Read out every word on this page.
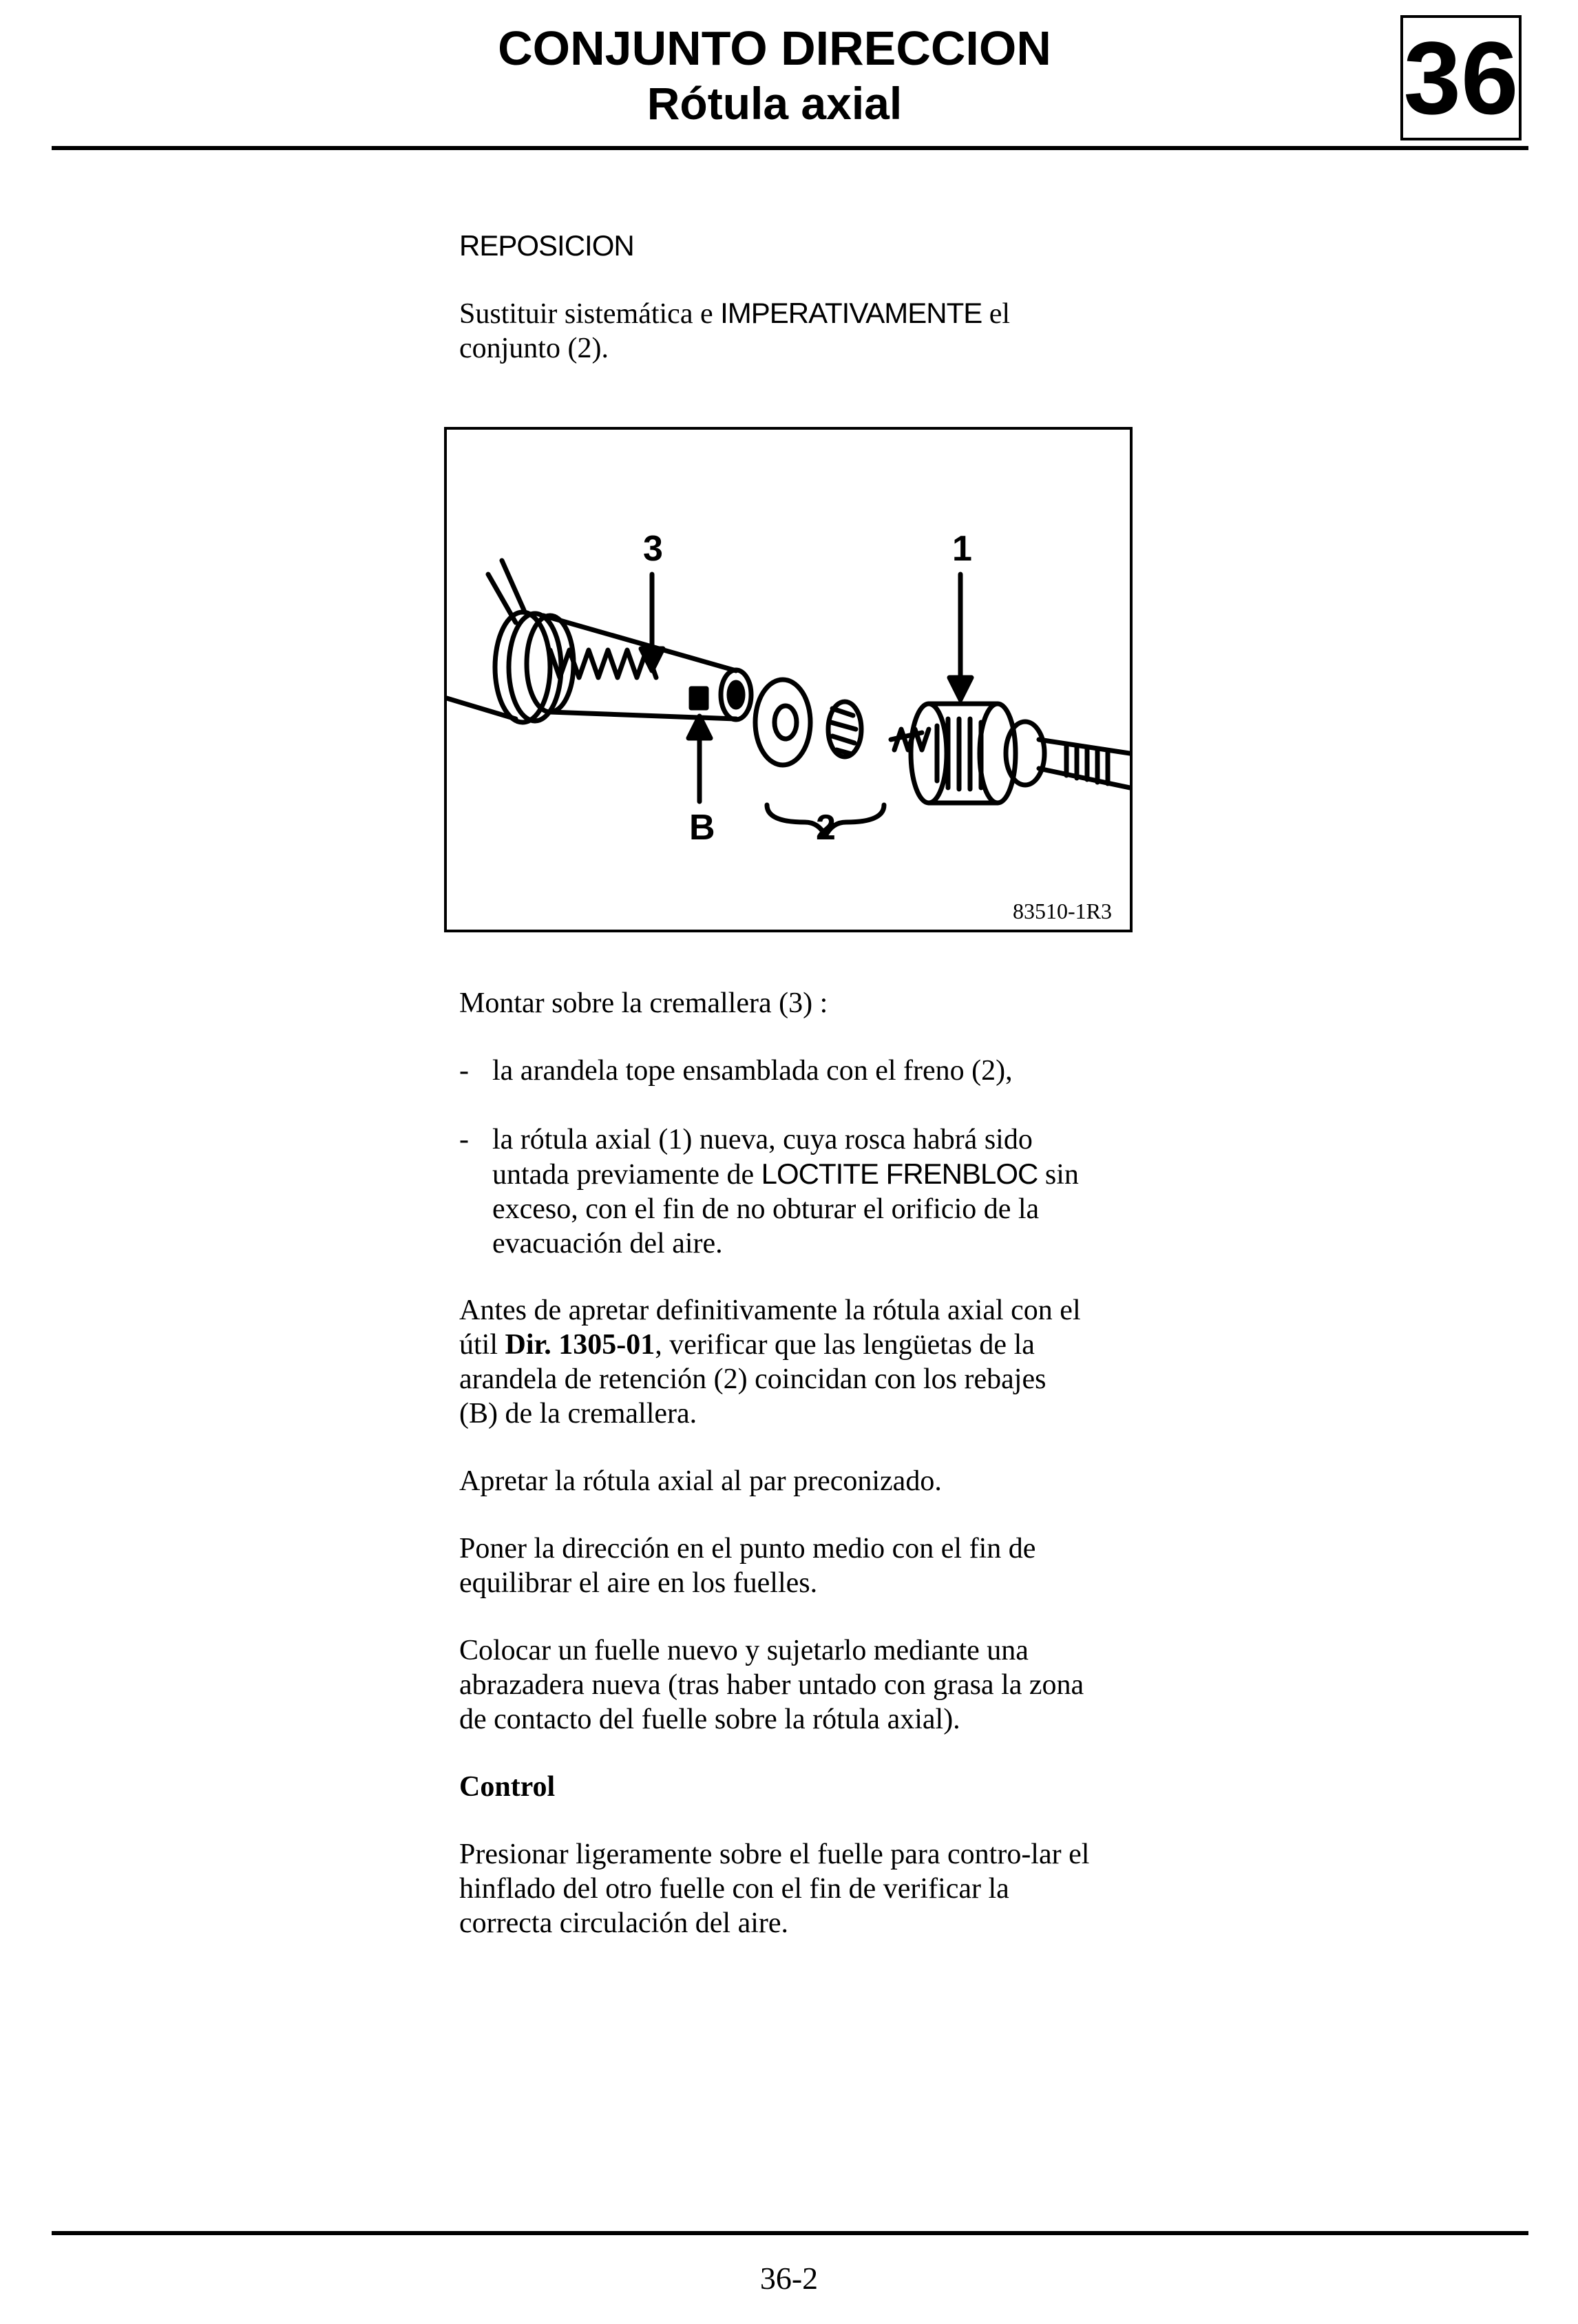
CONJUNTO DIRECCION
Rótula axial	36
REPOSICION
Sustituir sistemática e IMPERATIVAMENTE el conjunto (2).
3	1
B	2
83510-1R3
Montar sobre la cremallera (3) :
- la arandela tope ensamblada con el freno (2),
- la rótula axial (1) nueva, cuya rosca habrá sido untada previamente de LOCTITE FRENBLOC sin exceso, con el fin de no obturar el orificio de la evacuación del aire.
Antes de apretar definitivamente la rótula axial con el útil Dir. 1305-01, verificar que las lengüetas de la arandela de retención (2) coincidan con los rebajes (B) de la cremallera.
Apretar la rótula axial al par preconizado.
Poner la dirección en el punto medio con el fin de equilibrar el aire en los fuelles.
Colocar un fuelle nuevo y sujetarlo mediante una abrazadera nueva (tras haber untado con grasa la zona de contacto del fuelle sobre la rótula axial).
Control
Presionar ligeramente sobre el fuelle para contro-lar el hinflado del otro fuelle con el fin de verificar la correcta circulación del aire.
36-2
